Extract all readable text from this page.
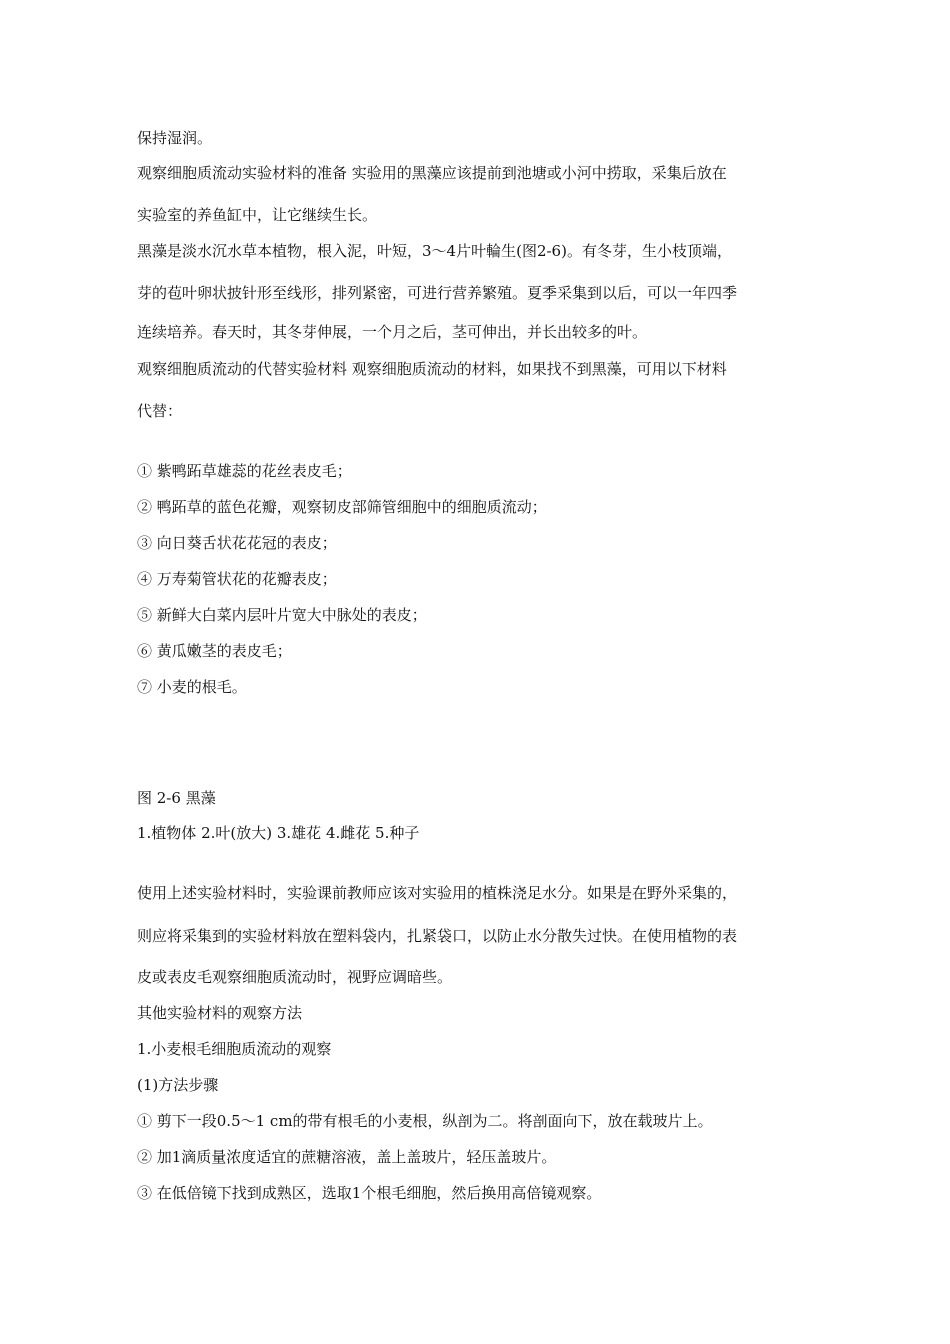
保持湿润。
观察细胞质流动实验材料的准备 实验用的黑藻应该提前到池塘或小河中捞取，采集后放在
实验室的养鱼缸中，让它继续生长。
黑藻是淡水沉水草本植物，根入泥，叶短，3～4片叶輪生(图2-6)。有冬芽，生小枝顶端，
芽的苞叶卵状披针形至线形，排列紧密，可进行营养繁殖。夏季采集到以后，可以一年四季
连续培养。春天时，其冬芽伸展，一个月之后，茎可伸出，并长出较多的叶。
观察细胞质流动的代替实验材料 观察细胞质流动的材料，如果找不到黑藻，可用以下材料
代替：
① 紫鸭跖草雄蕊的花丝表皮毛；
② 鸭跖草的蓝色花瓣，观察韧皮部筛管细胞中的细胞质流动；
③ 向日葵舌状花花冠的表皮；
④ 万寿菊管状花的花瓣表皮；
⑤ 新鲜大白菜内层叶片宽大中脉处的表皮；
⑥ 黄瓜嫩茎的表皮毛；
⑦ 小麦的根毛。
图 2-6 黑藻
1.植物体 2.叶(放大) 3.雄花 4.雌花 5.种子
使用上述实验材料时，实验课前教师应该对实验用的植株浇足水分。如果是在野外采集的，
则应将采集到的实验材料放在塑料袋内，扎紧袋口，以防止水分散失过快。在使用植物的表
皮或表皮毛观察细胞质流动时，视野应调暗些。
其他实验材料的观察方法
1.小麦根毛细胞质流动的观察
(1)方法步骤
① 剪下一段0.5～1 cm的带有根毛的小麦根，纵剖为二。将剖面向下，放在载玻片上。
② 加1滴质量浓度适宜的蔗糖溶液，盖上盖玻片，轻压盖玻片。
③ 在低倍镜下找到成熟区，选取1个根毛细胞，然后换用高倍镜观察。
